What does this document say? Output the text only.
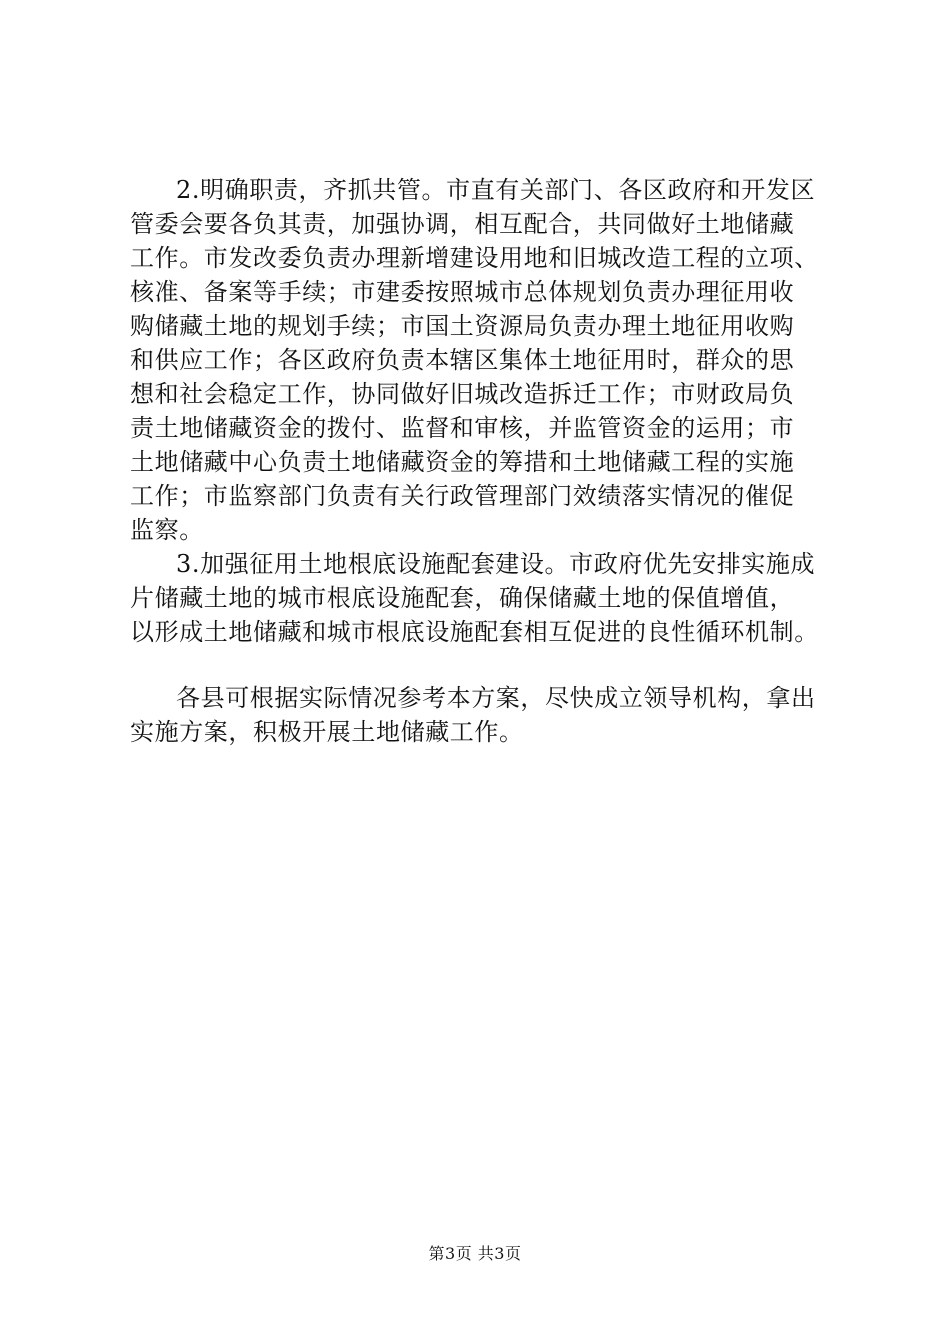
2.明确职责，齐抓共管。市直有关部门、各区政府和开发区
管委会要各负其责，加强协调，相互配合，共同做好土地储藏
工作。市发改委负责办理新增建设用地和旧城改造工程的立项、
核准、备案等手续；市建委按照城市总体规划负责办理征用收
购储藏土地的规划手续；市国土资源局负责办理土地征用收购
和供应工作；各区政府负责本辖区集体土地征用时，群众的思
想和社会稳定工作，协同做好旧城改造拆迁工作；市财政局负
责土地储藏资金的拨付、监督和审核，并监管资金的运用；市
土地储藏中心负责土地储藏资金的筹措和土地储藏工程的实施
工作；市监察部门负责有关行政管理部门效绩落实情况的催促
监察。
3.加强征用土地根底设施配套建设。市政府优先安排实施成
片储藏土地的城市根底设施配套，确保储藏土地的保值增值，
以形成土地储藏和城市根底设施配套相互促进的良性循环机制。
各县可根据实际情况参考本方案，尽快成立领导机构，拿出
实施方案，积极开展土地储藏工作。
第3页 共3页
